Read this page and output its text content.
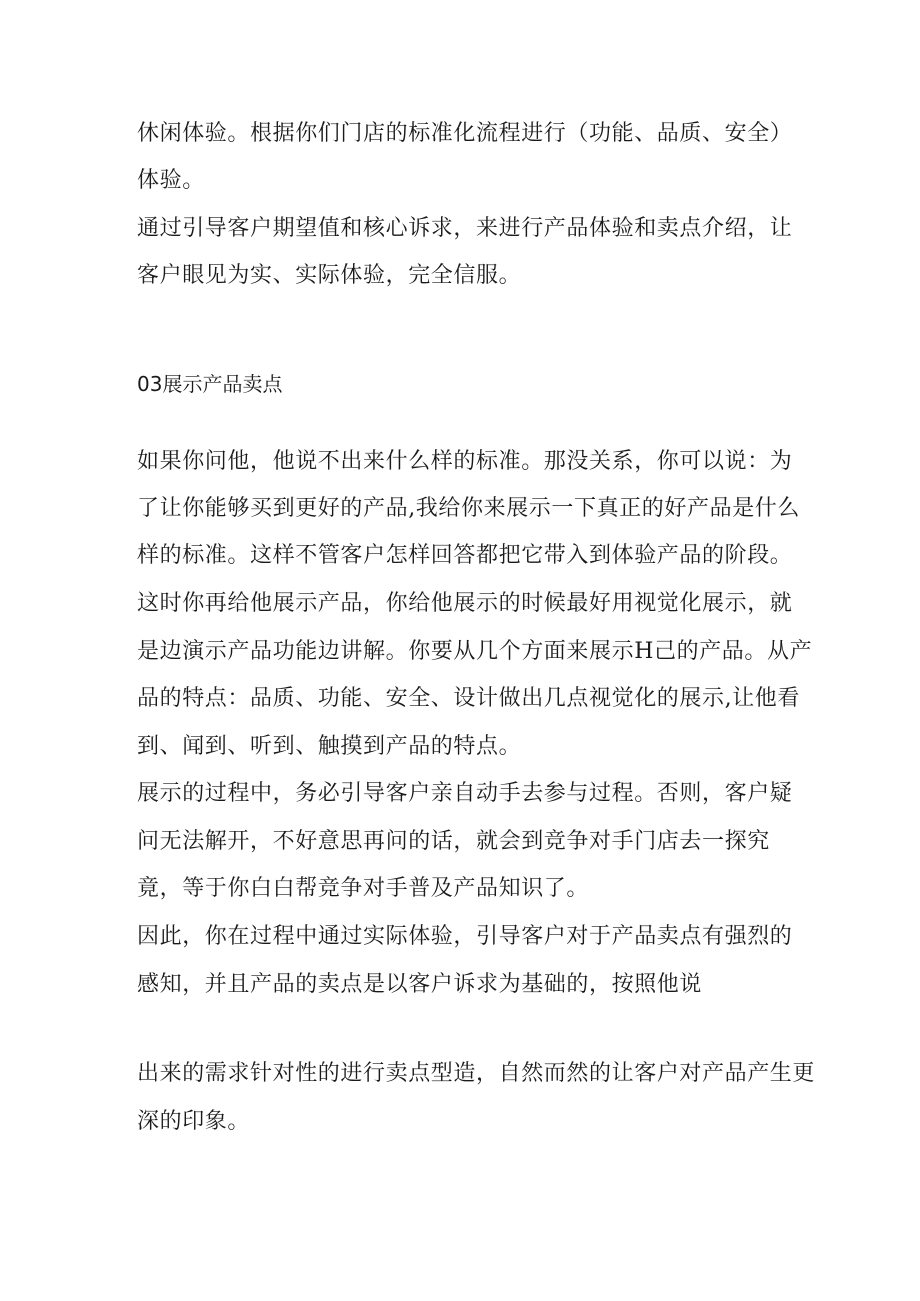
休闲体验。根据你们门店的标准化流程进行（功能、品质、安全）
体验。
通过引导客户期望值和核心诉求，来进行产品体验和卖点介绍，让
客户眼见为实、实际体验，完全信服。
03展示产品卖点
如果你问他，他说不出来什么样的标准。那没关系，你可以说：为
了让你能够买到更好的产品,我给你来展示一下真正的好产品是什么
样的标准。这样不管客户怎样回答都把它带入到体验产品的阶段。
这时你再给他展示产品，你给他展示的时候最好用视觉化展示，就
是边演示产品功能边讲解。你要从几个方面来展示H己的产品。从产
品的特点：品质、功能、安全、设计做出几点视觉化的展示,让他看
到、闻到、听到、触摸到产品的特点。
展示的过程中，务必引导客户亲自动手去参与过程。否则，客户疑
问无法解开，不好意思再问的话，就会到竞争对手门店去一探究
竟，等于你白白帮竞争对手普及产品知识了。
因此，你在过程中通过实际体验，引导客户对于产品卖点有强烈的
感知，并且产品的卖点是以客户诉求为基础的，按照他说
出来的需求针对性的进行卖点型造，自然而然的让客户对产品产生更
深的印象。
